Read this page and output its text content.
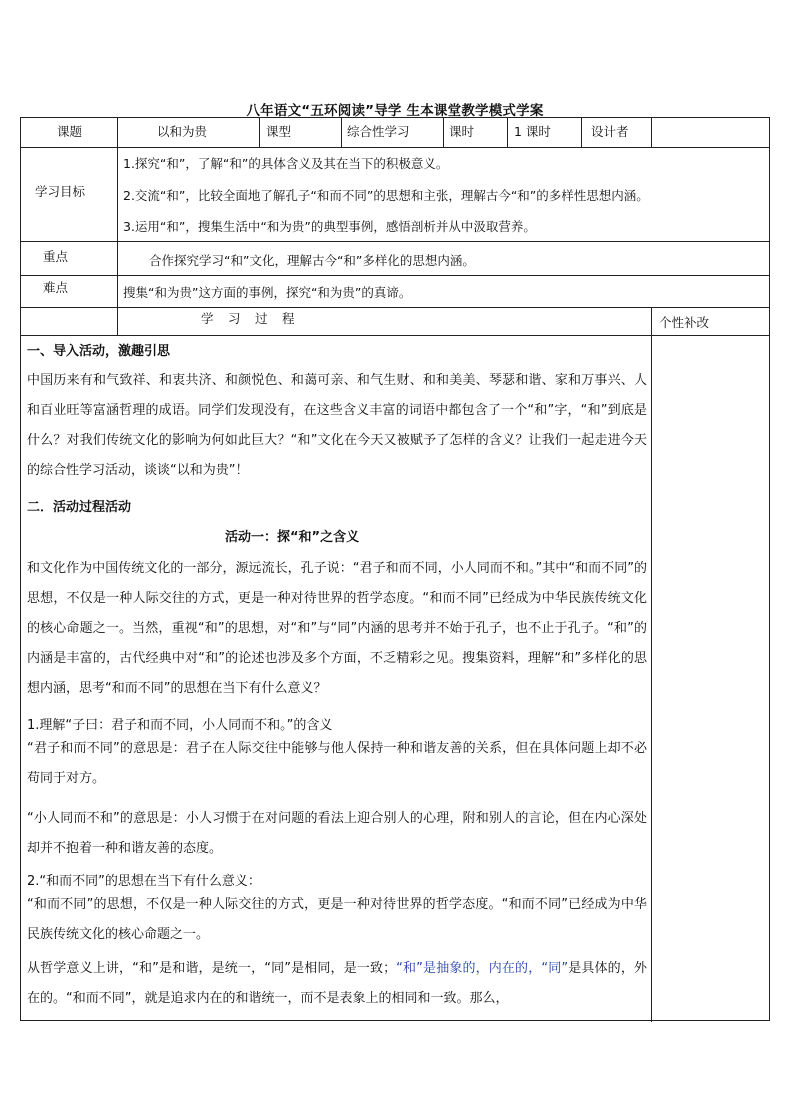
八年语文“五环阅读”导学 生本课堂教学模式学案
课题	以和为贵	课型	综合性学习	课时	1 课时	设计者
学习目标
1.探究“和”，了解“和”的具体含义及其在当下的积极意义。
2.交流“和”，比较全面地了解孔子“和而不同”的思想和主张，理解古今“和”的多样性思想内涵。
3.运用“和”，搜集生活中“和为贵”的典型事例，感悟剖析并从中汲取营养。
重点	合作探究学习“和”文化，理解古今“和”多样化的思想内涵。
难点	搜集“和为贵”这方面的事例，探究“和为贵”的真谛。
学　习　过　程	个性补改
一、导入活动，激趣引思
中国历来有和气致祥、和衷共济、和颜悦色、和蔼可亲、和气生财、和和美美、琴瑟和谐、家和万事兴、人和百业旺等富涵哲理的成语。同学们发现没有，在这些含义丰富的词语中都包含了一个“和”字，“和”到底是什么？对我们传统文化的影响为何如此巨大？“和”文化在今天又被赋予了怎样的含义？让我们一起走进今天的综合性学习活动，谈谈“以和为贵”！
二．活动过程活动
活动一：探“和”之含义
和文化作为中国传统文化的一部分，源远流长，孔子说：“君子和而不同，小人同而不和。”其中“和而不同”的思想，不仅是一种人际交往的方式，更是一种对待世界的哲学态度。“和而不同”已经成为中华民族传统文化的核心命题之一。当然，重视“和”的思想，对“和”与“同”内涵的思考并不始于孔子，也不止于孔子。“和”的内涵是丰富的，古代经典中对“和”的论述也涉及多个方面，不乏精彩之见。搜集资料，理解“和”多样化的思想内涵，思考“和而不同”的思想在当下有什么意义？
1.理解“子曰：君子和而不同，小人同而不和。”的含义
“君子和而不同”的意思是：君子在人际交往中能够与他人保持一种和谐友善的关系，但在具体问题上却不必苟同于对方。
“小人同而不和”的意思是：小人习惯于在对问题的看法上迎合别人的心理，附和别人的言论，但在内心深处却并不抱着一种和谐友善的态度。
2.“和而不同”的思想在当下有什么意义：
“和而不同”的思想，不仅是一种人际交往的方式，更是一种对待世界的哲学态度。“和而不同”已经成为中华民族传统文化的核心命题之一。
从哲学意义上讲，“和”是和谐，是统一，“同”是相同，是一致；“和”是抽象的，内在的，“同”是具体的，外在的。“和而不同”，就是追求内在的和谐统一，而不是表象上的相同和一致。那么，
